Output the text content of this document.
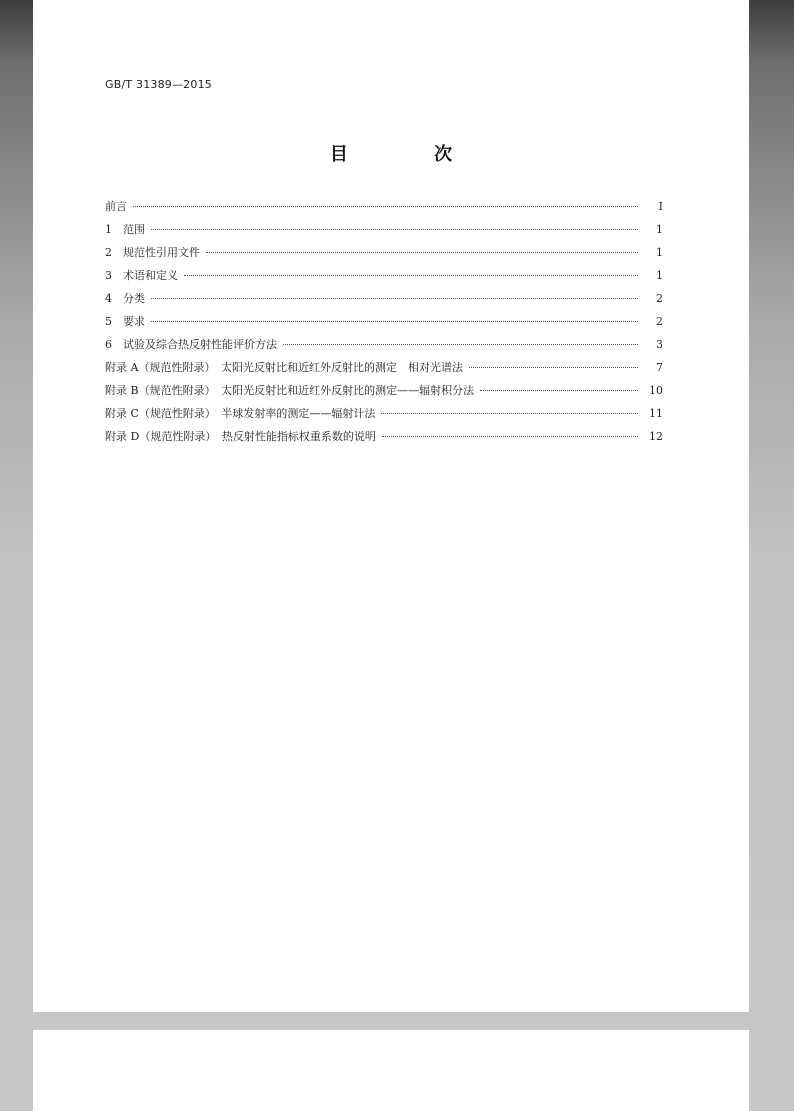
GB/T 31389—2015
目 次
前言	I
1　范围	1
2　规范性引用文件	1
3　术语和定义	1
4　分类	2
5　要求	2
6　试验及综合热反射性能评价方法	3
附录 A（规范性附录）　太阳光反射比和近红外反射比的测定　相对光谱法	7
附录 B（规范性附录）　太阳光反射比和近红外反射比的测定——辐射积分法	10
附录 C（规范性附录）　半球发射率的测定——辐射计法	11
附录 D（规范性附录）　热反射性能指标权重系数的说明	12
